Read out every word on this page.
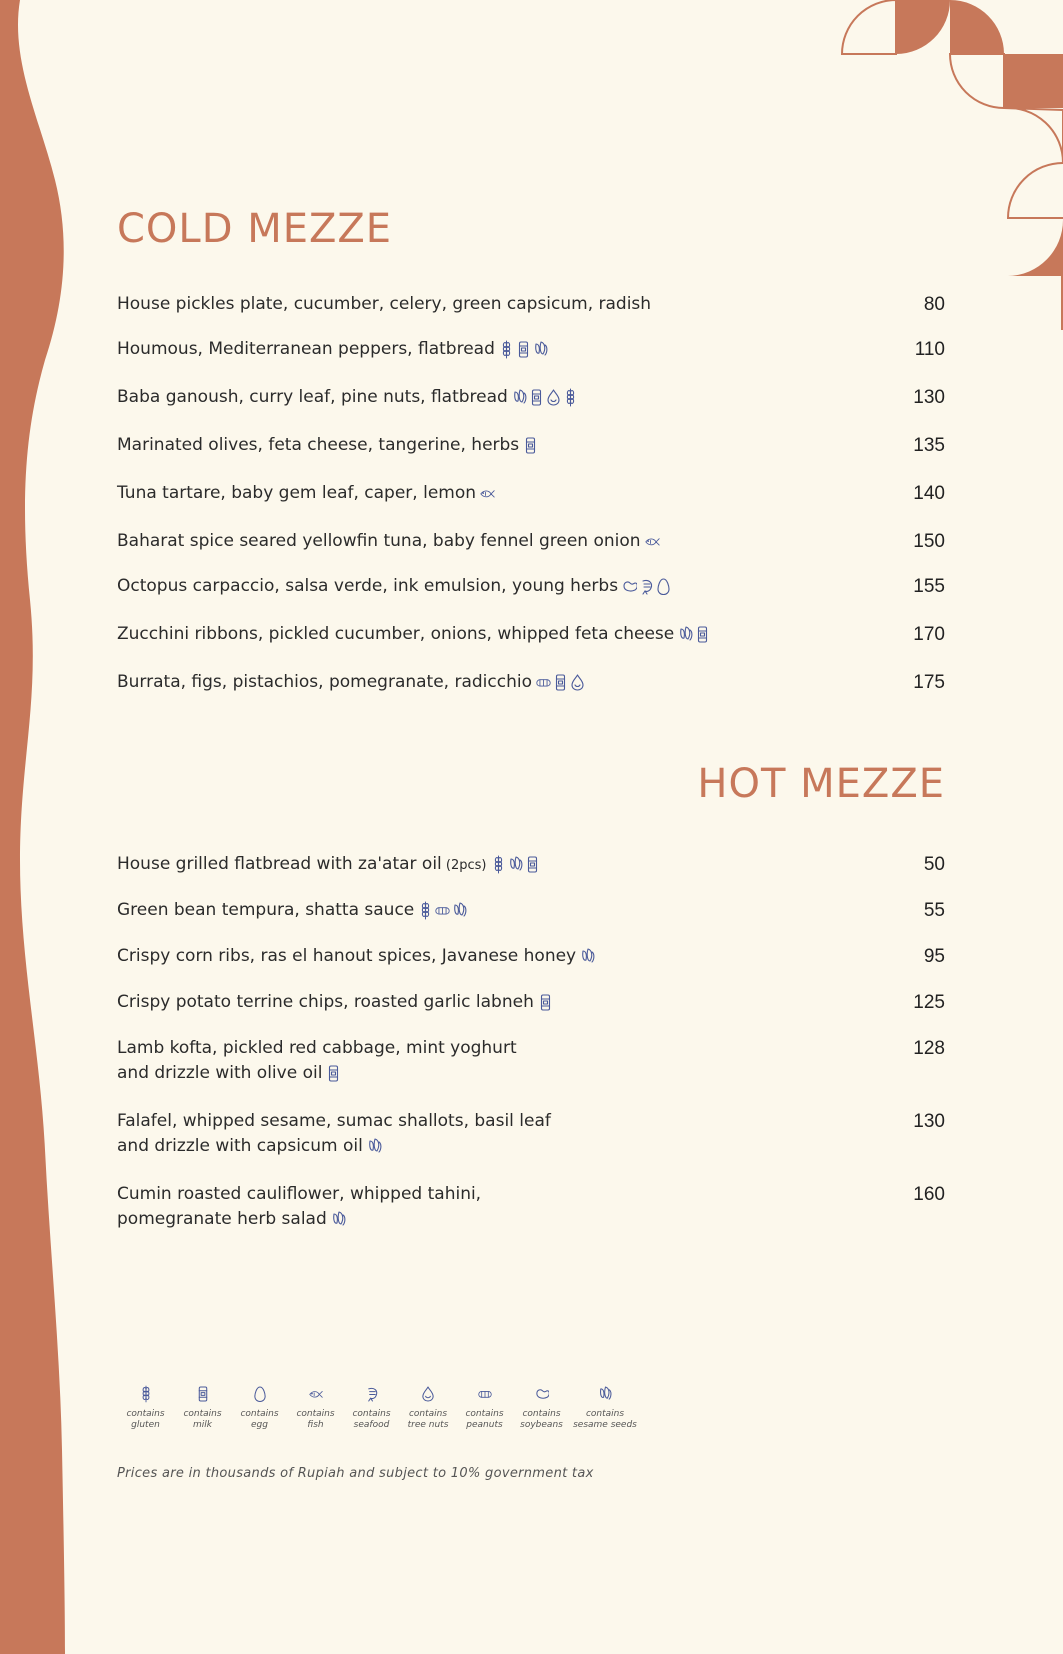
COLD MEZZE
House pickles plate, cucumber, celery, green capsicum, radish	80
Houmous, Mediterranean peppers, flatbread	110
Baba ganoush, curry leaf, pine nuts, flatbread	130
Marinated olives, feta cheese, tangerine, herbs	135
Tuna tartare, baby gem leaf, caper, lemon	140
Baharat spice seared yellowfin tuna, baby fennel green onion	150
Octopus carpaccio, salsa verde, ink emulsion, young herbs	155
Zucchini ribbons, pickled cucumber, onions, whipped feta cheese	170
Burrata, figs, pistachios, pomegranate, radicchio	175
HOT MEZZE
House grilled flatbread with za'atar oil (2pcs)	50
Green bean tempura, shatta sauce	55
Crispy corn ribs, ras el hanout spices, Javanese honey	95
Crispy potato terrine chips, roasted garlic labneh	125
Lamb kofta, pickled red cabbage, mint yoghurt
and drizzle with olive oil
128
Falafel, whipped sesame, sumac shallots, basil leaf
and drizzle with capsicum oil
130
Cumin roasted cauliflower, whipped tahini,
pomegranate herb salad
160
contains
gluten
contains
milk
contains
egg
contains
fish
contains
seafood
contains
tree nuts
contains
peanuts
contains
soybeans
contains
sesame seeds
Prices are in thousands of Rupiah and subject to 10% government tax
